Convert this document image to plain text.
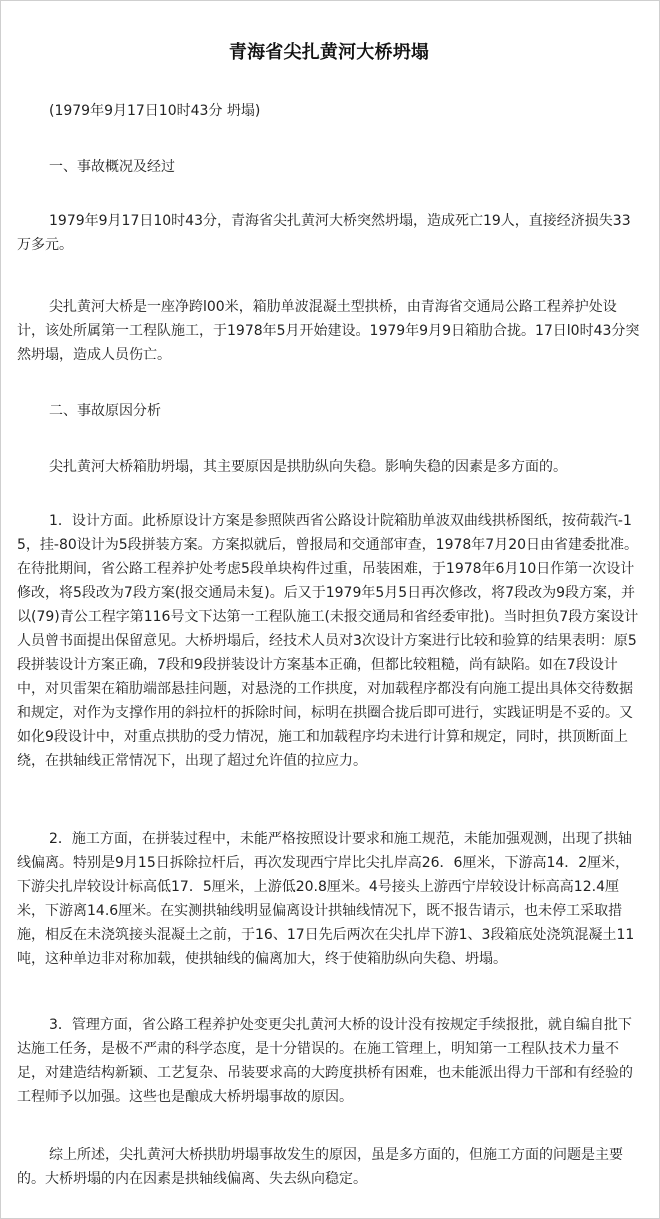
青海省尖扎黄河大桥坍塌
(1979年9月17日10时43分 坍塌)
一、事故概况及经过
1979年9月17日10时43分，青海省尖扎黄河大桥突然坍塌，造成死亡19人，直接经济损失33万多元。
尖扎黄河大桥是一座净跨l00米，箱肋单波混凝土型拱桥，由青海省交通局公路工程养护处设计，该处所属第一工程队施工，于1978年5月开始建设。1979年9月9日箱肋合拢。17日l0时43分突然坍塌，造成人员伤亡。
二、事故原因分析
尖扎黄河大桥箱肋坍塌，其主要原因是拱肋纵向失稳。影响失稳的因素是多方面的。
1．设计方面。此桥原设计方案是参照陕西省公路设计院箱肋单波双曲线拱桥图纸，按荷载汽-15，挂-80设计为5段拼装方案。方案拟就后，曾报局和交通部审查，1978年7月20日由省建委批准。在待批期间，省公路工程养护处考虑5段单块构件过重，吊装困难，于1978年6月10日作第一次设计修改，将5段改为7段方案(报交通局未复)。后又于1979年5月5日再次修改，将7段改为9段方案，并以(79)青公工程字第116号文下达第一工程队施工(未报交通局和省经委审批)。当时担负7段方案设计人员曾书面提出保留意见。大桥坍塌后，经技术人员对3次设计方案进行比较和验算的结果表明：原5段拼装设计方案正确，7段和9段拼装设计方案基本正确，但都比较粗糙，尚有缺陷。如在7段设计中，对贝雷架在箱肋端部悬挂问题，对悬浇的工作拱度，对加载程序都没有向施工提出具体交待数据和规定，对作为支撑作用的斜拉杆的拆除时间，标明在拱圈合拢后即可进行，实践证明是不妥的。又如化9段设计中，对重点拱肋的受力情况，施工和加载程序均未进行计算和规定，同时，拱顶断面上绕，在拱轴线正常情况下，出现了超过允许值的拉应力。
2．施工方面，在拼装过程中，未能严格按照设计要求和施工规范，未能加强观测，出现了拱轴线偏离。特别是9月15日拆除拉杆后，再次发现西宁岸比尖扎岸高26．6厘米，下游高14．2厘米，下游尖扎岸较设计标高低17．5厘米，上游低20.8厘米。4号接头上游西宁岸较设计标高高12.4厘米，下游离14.6厘米。在实测拱轴线明显偏离设计拱轴线情况下，既不报告请示，也未停工采取措施，相反在未浇筑接头混凝土之前，于16、17日先后两次在尖扎岸下游1、3段箱底处浇筑混凝土11吨，这种单边非对称加载，使拱轴线的偏离加大，终于使箱肋纵向失稳、坍塌。
3．管理方面，省公路工程养护处变更尖扎黄河大桥的设计没有按规定手续报批，就自编自批下达施工任务，是极不严肃的科学态度，是十分错误的。在施工管理上，明知第一工程队技术力量不足，对建造结构新颖、工艺复杂、吊装要求高的大跨度拱桥有困难，也未能派出得力干部和有经验的工程师予以加强。这些也是酿成大桥坍塌事故的原因。
综上所述，尖扎黄河大桥拱肋坍塌事故发生的原因，虽是多方面的，但施工方面的问题是主要的。大桥坍塌的内在因素是拱轴线偏离、失去纵向稳定。
